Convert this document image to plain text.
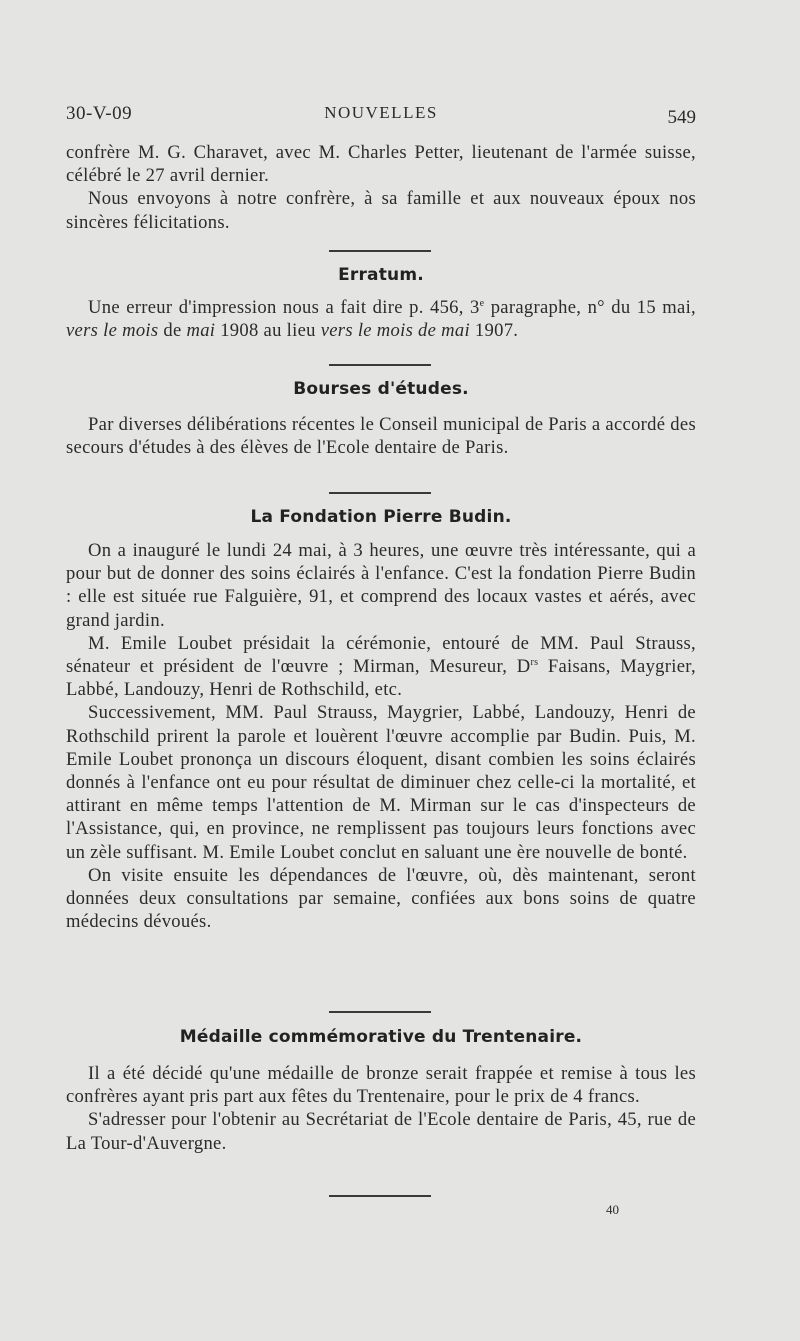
30-V-09	NOUVELLES	549

confrère M. G. Charavet, avec M. Charles Petter, lieutenant de l'armée suisse, célébré le 27 avril dernier.

Nous envoyons à notre confrère, à sa famille et aux nouveaux époux nos sincères félicitations.

Erratum.

Une erreur d'impression nous a fait dire p. 456, 3e paragraphe, n° du 15 mai, vers le mois de mai 1908 au lieu vers le mois de mai 1907.

Bourses d'études.

Par diverses délibérations récentes le Conseil municipal de Paris a accordé des secours d'études à des élèves de l'Ecole dentaire de Paris.

La Fondation Pierre Budin.

On a inauguré le lundi 24 mai, à 3 heures, une œuvre très intéressante, qui a pour but de donner des soins éclairés à l'enfance. C'est la fondation Pierre Budin : elle est située rue Falguière, 91, et comprend des locaux vastes et aérés, avec grand jardin.

M. Emile Loubet présidait la cérémonie, entouré de MM. Paul Strauss, sénateur et président de l'œuvre ; Mirman, Mesureur, $D^{rs}$ Faisans, Maygrier, Labbé, Landouzy, Henri de Rothschild, etc.

Successivement, MM. Paul Strauss, Maygrier, Labbé, Landouzy, Henri de Rothschild prirent la parole et louèrent l'œuvre accomplie par Budin. Puis, M. Emile Loubet prononça un discours éloquent, disant combien les soins éclairés donnés à l'enfance ont eu pour résultat de diminuer chez celle-ci la mortalité, et attirant en même temps l'attention de M. Mirman sur le cas d'inspecteurs de l'Assistance, qui, en province, ne remplissent pas toujours leurs fonctions avec un zèle suffisant. M. Emile Loubet conclut en saluant une ère nouvelle de bonté.

On visite ensuite les dépendances de l'œuvre, où, dès maintenant, seront données deux consultations par semaine, confiées aux bons soins de quatre médecins dévoués.

Médaille commémorative du Trentenaire.

Il a été décidé qu'une médaille de bronze serait frappée et remise à tous les confrères ayant pris part aux fêtes du Trentenaire, pour le prix de 4 francs.

S'adresser pour l'obtenir au Secrétariat de l'Ecole dentaire de Paris, 45, rue de La Tour-d'Auvergne.

40
